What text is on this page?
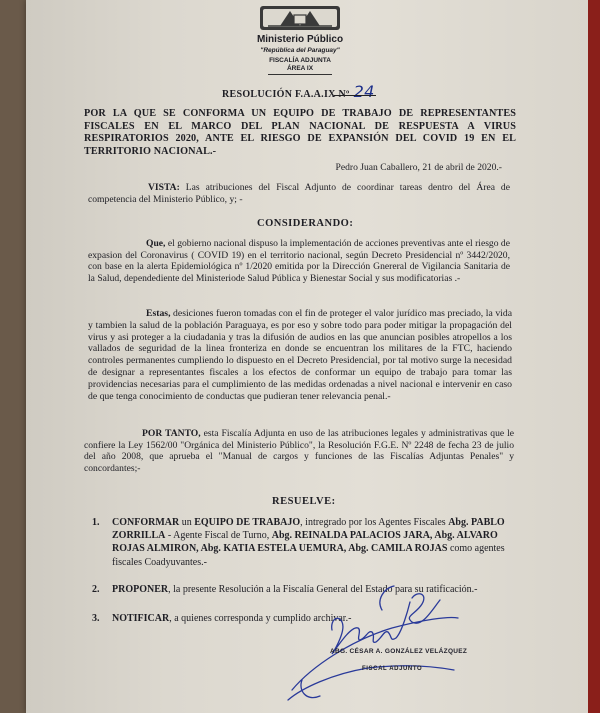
Ministerio Público
"República del Paraguay"
FISCALÍA ADJUNTA
ÁREA IX
RESOLUCIÓN F.A.A.IX Nº 24
POR LA QUE SE CONFORMA UN EQUIPO DE TRABAJO DE REPRESENTANTES FISCALES EN EL MARCO DEL PLAN NACIONAL DE RESPUESTA A VIRUS RESPIRATORIOS 2020, ANTE EL RIESGO DE EXPANSIÓN DEL COVID 19 EN EL TERRITORIO NACIONAL.-
Pedro Juan Caballero, 21 de abril de 2020.-
VISTA: Las atribuciones del Fiscal Adjunto de coordinar tareas dentro del Área de competencia del Ministerio Público, y; -
CONSIDERANDO:
Que, el gobierno nacional dispuso la implementación de acciones preventivas ante el riesgo de expasion del Coronavirus ( COVID 19) en el territorio nacional, según Decreto Presidencial nº 3442/2020, con base en la alerta Epidemiológica nº 1/2020 emitida por la Dirección Gnereral de Vigilancia Sanitaria de la Salud, dependediente del Ministeriode Salud Pública y Bienestar Social y sus modificatorias .-
Estas, desiciones fueron tomadas con el fin de proteger el valor jurídico mas preciado, la vida y tambien la salud de la población Paraguaya, es por eso y sobre todo para poder mitigar la propagación del virus y asi proteger a la ciudadania y tras la difusión de audios en las que anuncian posibles atropellos a los vallados de seguridad de la linea fronteriza en donde se encuentran los militares de la FTC, haciendo controles permanentes cumpliendo lo dispuesto en el Decreto Presidencial, por tal motivo surge la necesidad de designar a representantes fiscales a los efectos de conformar un equipo de trabajo para tomar las providencias necesarias para el cumplimiento de las medidas ordenadas a nivel nacional e intervenir en caso de que tenga conocimiento de conductas que pudieran tener relevancia penal.-
POR TANTO, esta Fiscalía Adjunta en uso de las atribuciones legales y administrativas que le confiere la Ley 1562/00 "Orgánica del Ministerio Público", la Resolución F.G.E. Nº 2248 de fecha 23 de julio del año 2008, que aprueba el "Manual de cargos y funciones de las Fiscalías Adjuntas Penales" y concordantes;-
RESUELVE:
1. CONFORMAR un EQUIPO DE TRABAJO, intregrado por los Agentes Fiscales Abg. PABLO ZORRILLA - Agente Fiscal de Turno, Abg. REINALDA PALACIOS JARA, Abg. ALVARO ROJAS ALMIRON, Abg. KATIA ESTELA UEMURA, Abg. CAMILA ROJAS como agentes fiscales Coadyuvantes.-
2. PROPONER, la presente Resolución a la Fiscalía General del Estado para su ratificación.-
3. NOTIFICAR, a quienes corresponda y cumplido archivar.-
ABG. CÉSAR A. GONZÁLEZ VELÁZQUEZ
FISCAL ADJUNTO
